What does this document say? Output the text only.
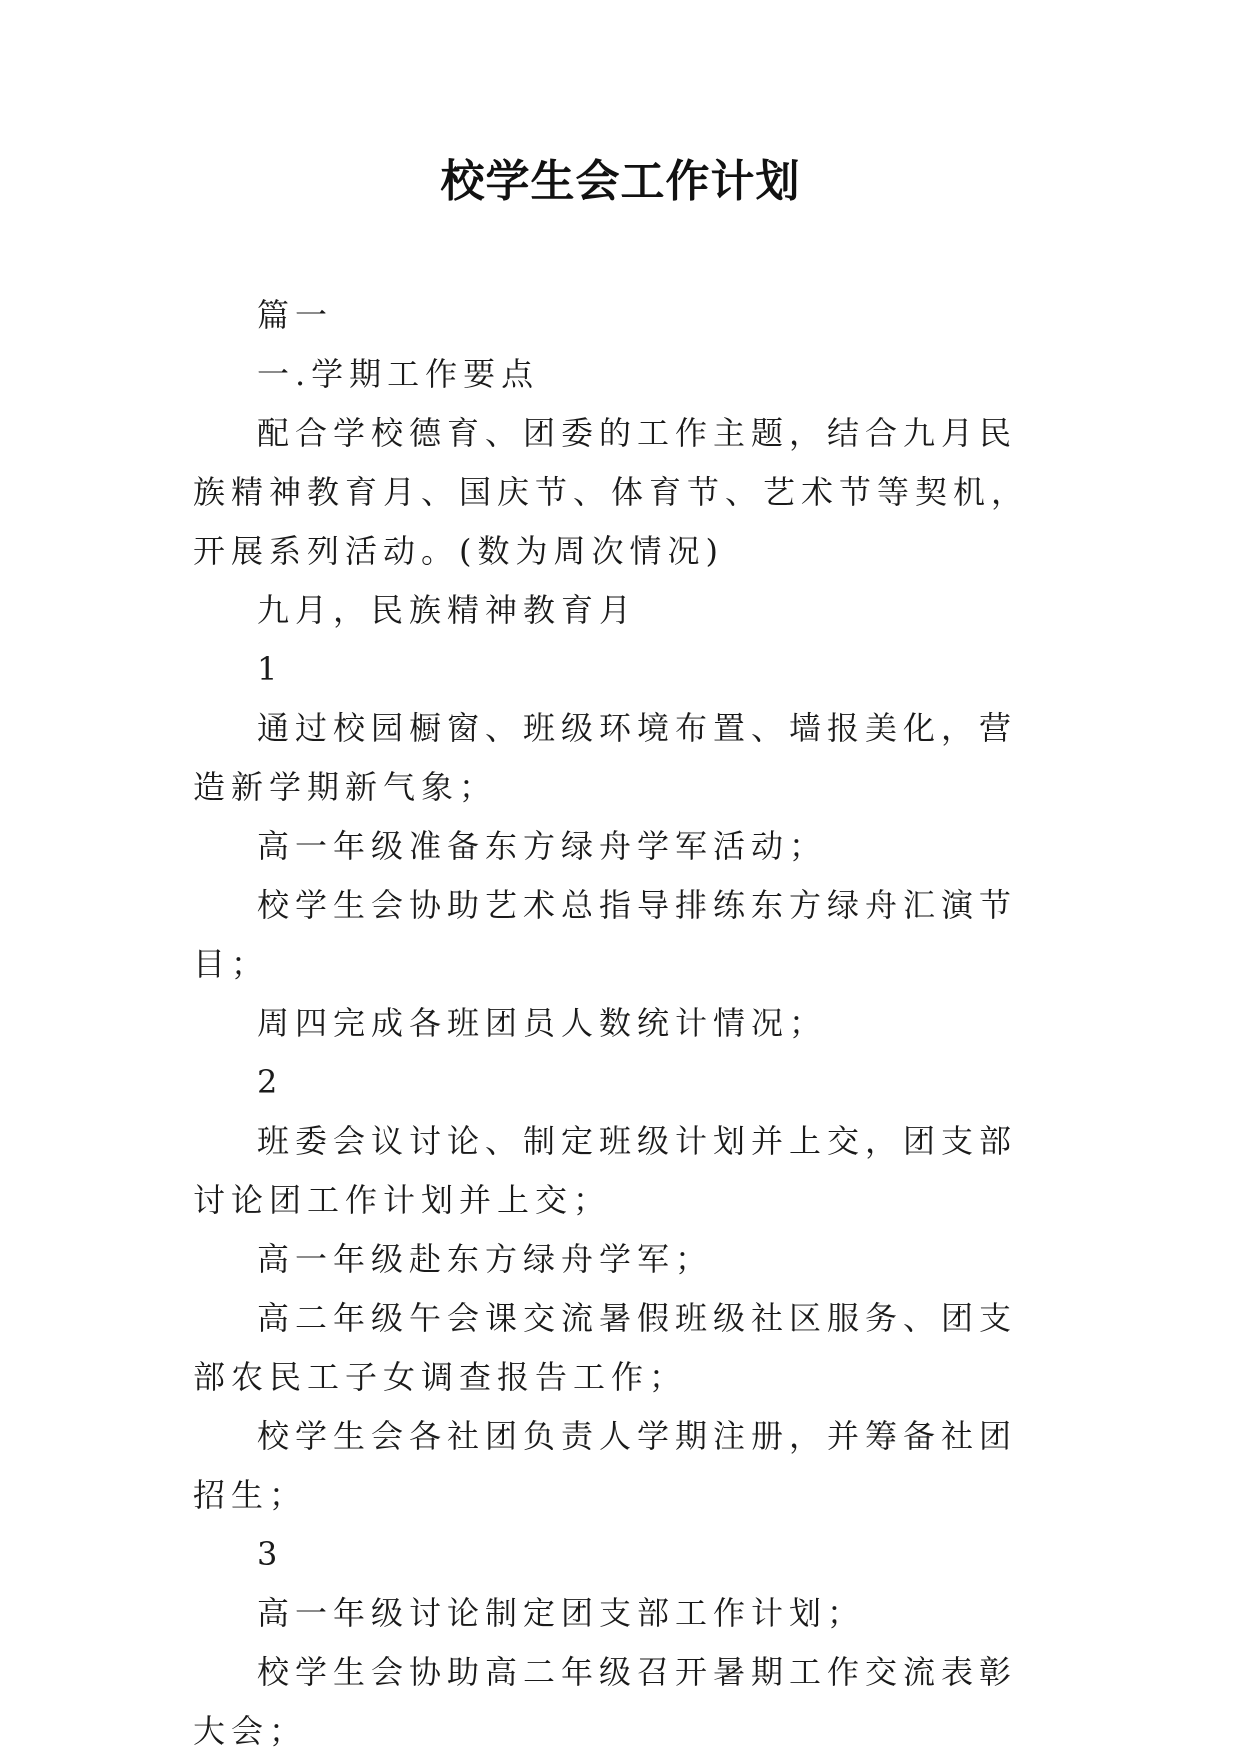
校学生会工作计划

篇一

一.学期工作要点

配合学校德育、团委的工作主题，结合九月民族精神教育月、国庆节、体育节、艺术节等契机，开展系列活动。(数为周次情况)

九月，民族精神教育月

1

通过校园橱窗、班级环境布置、墙报美化，营造新学期新气象；

高一年级准备东方绿舟学军活动；

校学生会协助艺术总指导排练东方绿舟汇演节目；

周四完成各班团员人数统计情况；

2

班委会议讨论、制定班级计划并上交，团支部讨论团工作计划并上交；

高一年级赴东方绿舟学军；

高二年级午会课交流暑假班级社区服务、团支部农民工子女调查报告工作；

校学生会各社团负责人学期注册，并筹备社团招生；

3

高一年级讨论制定团支部工作计划；

校学生会协助高二年级召开暑期工作交流表彰大会；
